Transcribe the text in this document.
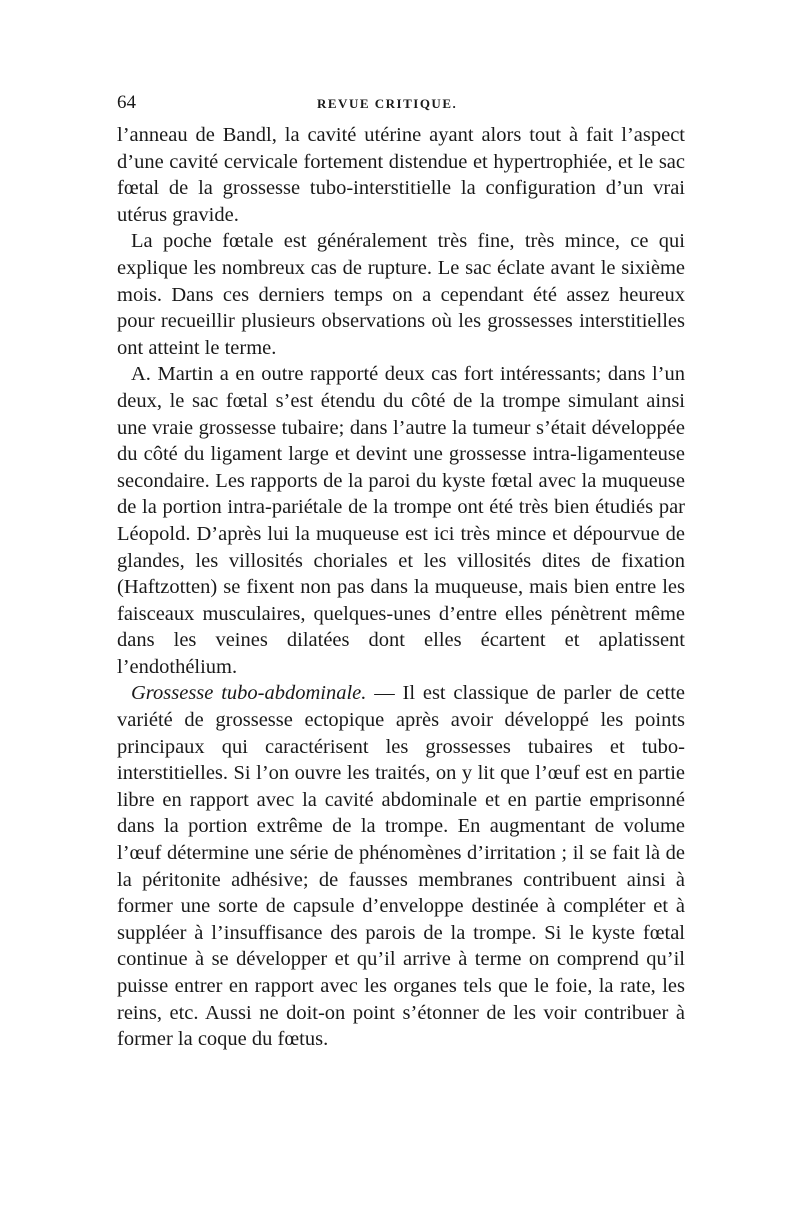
64	REVUE CRITIQUE.

l’anneau de Bandl, la cavité utérine ayant alors tout à fait l’aspect d’une cavité cervicale fortement distendue et hypertrophiée, et le sac fœtal de la grossesse tubo-interstitielle la configuration d’un vrai utérus gravide.

La poche fœtale est généralement très fine, très mince, ce qui explique les nombreux cas de rupture. Le sac éclate avant le sixième mois. Dans ces derniers temps on a cependant été assez heureux pour recueillir plusieurs observations où les grossesses interstitielles ont atteint le terme.

A. Martin a en outre rapporté deux cas fort intéressants; dans l’un deux, le sac fœtal s’est étendu du côté de la trompe simulant ainsi une vraie grossesse tubaire; dans l’autre la tumeur s’était développée du côté du ligament large et devint une grossesse intra-ligamenteuse secondaire. Les rapports de la paroi du kyste fœtal avec la muqueuse de la portion intra-pariétale de la trompe ont été très bien étudiés par Léopold. D’après lui la muqueuse est ici très mince et dépourvue de glandes, les villosités choriales et les villosités dites de fixation (Haftzotten) se fixent non pas dans la muqueuse, mais bien entre les faisceaux musculaires, quelques-unes d’entre elles pénètrent même dans les veines dilatées dont elles écartent et aplatissent l’endothélium.

Grossesse tubo-abdominale. — Il est classique de parler de cette variété de grossesse ectopique après avoir développé les points principaux qui caractérisent les grossesses tubaires et tubo-interstitielles. Si l’on ouvre les traités, on y lit que l’œuf est en partie libre en rapport avec la cavité abdominale et en partie emprisonné dans la portion extrême de la trompe. En augmentant de volume l’œuf détermine une série de phénomènes d’irritation ; il se fait là de la péritonite adhésive; de fausses membranes contribuent ainsi à former une sorte de capsule d’enveloppe destinée à compléter et à suppléer à l’insuffisance des parois de la trompe. Si le kyste fœtal continue à se développer et qu’il arrive à terme on comprend qu’il puisse entrer en rapport avec les organes tels que le foie, la rate, les reins, etc. Aussi ne doit-on point s’étonner de les voir contribuer à former la coque du fœtus.
